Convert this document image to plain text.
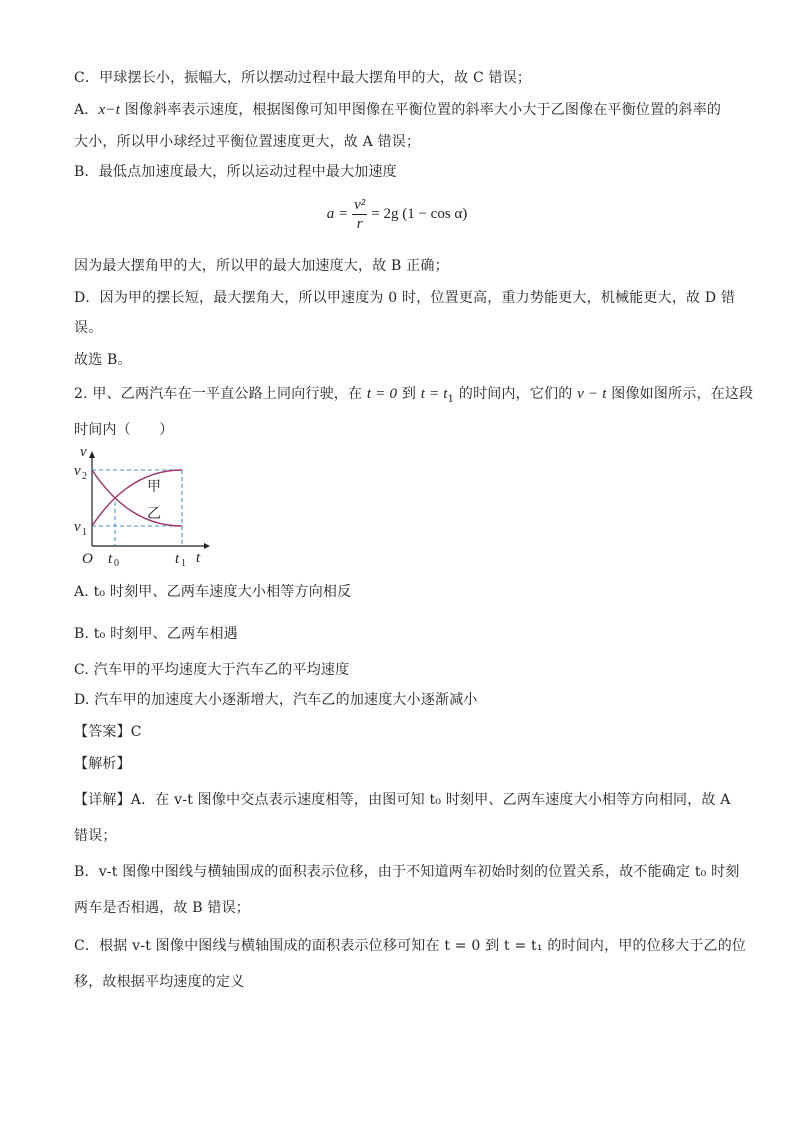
C．甲球摆长小，振幅大，所以摆动过程中最大摆角甲的大，故 C 错误；
A．x−t 图像斜率表示速度，根据图像可知甲图像在平衡位置的斜率大小大于乙图像在平衡位置的斜率的
大小，所以甲小球经过平衡位置速度更大，故 A 错误；
B．最低点加速度最大，所以运动过程中最大加速度
$a = \frac{\text{v²}}{r} = 2g$ (1 − cos α)
因为最大摆角甲的大，所以甲的最大加速度大，故 B 正确；
D．因为甲的摆长短，最大摆角大，所以甲速度为 0 时，位置更高，重力势能更大，机械能更大，故 D 错
误。
故选 B。
2. 甲、乙两汽车在一平直公路上同向行驶，在 t = 0 到 $t = t_1$ 的时间内，它们的 v − t 图像如图所示，在这段
时间内（　　）
v
t
O
v 2
v 1
t 0	t 1
甲
乙
A. t₀ 时刻甲、乙两车速度大小相等方向相反
B. t₀ 时刻甲、乙两车相遇
C. 汽车甲的平均速度大于汽车乙的平均速度
D. 汽车甲的加速度大小逐渐增大，汽车乙的加速度大小逐渐减小
【答案】C
【解析】
【详解】A．在 v-t 图像中交点表示速度相等，由图可知 t₀ 时刻甲、乙两车速度大小相等方向相同，故 A
错误；
B．v-t 图像中图线与横轴围成的面积表示位移，由于不知道两车初始时刻的位置关系，故不能确定 t₀ 时刻
两车是否相遇，故 B 错误；
C．根据 v-t 图像中图线与横轴围成的面积表示位移可知在 t = 0 到 t = t₁ 的时间内，甲的位移大于乙的位
移，故根据平均速度的定义
